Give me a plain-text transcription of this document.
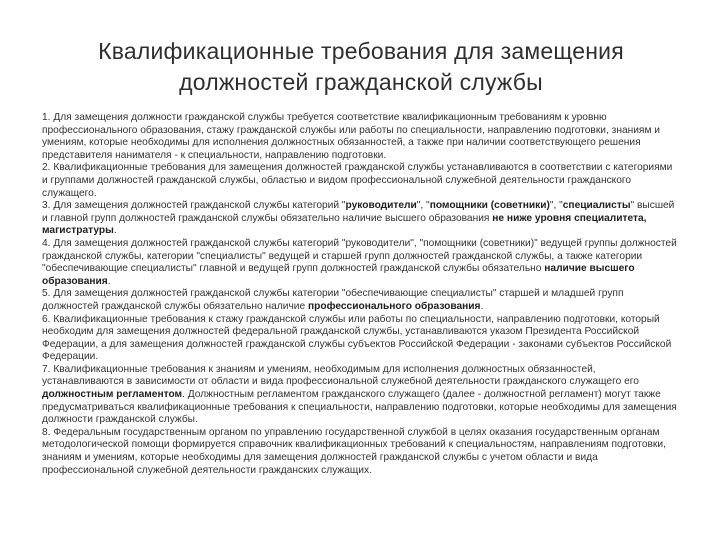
Квалификационные требования для замещения
должностей гражданской службы

1. Для замещения должности гражданской службы требуется соответствие квалификационным требованиям к уровню профессионального образования, стажу гражданской службы или работы по специальности, направлению подготовки, знаниям и умениям, которые необходимы для исполнения должностных обязанностей, а также при наличии соответствующего решения представителя нанимателя - к специальности, направлению подготовки.

2. Квалификационные требования для замещения должностей гражданской службы устанавливаются в соответствии с категориями и группами должностей гражданской службы, областью и видом профессиональной служебной деятельности гражданского служащего.

3. Для замещения должностей гражданской службы категорий "руководители", "помощники (советники)", "специалисты" высшей и главной групп должностей гражданской службы обязательно наличие высшего образования не ниже уровня специалитета, магистратуры.

4. Для замещения должностей гражданской службы категорий "руководители", "помощники (советники)" ведущей группы должностей гражданской службы, категории "специалисты" ведущей и старшей групп должностей гражданской службы, а также категории "обеспечивающие специалисты" главной и ведущей групп должностей гражданской службы обязательно наличие высшего образования.

5. Для замещения должностей гражданской службы категории "обеспечивающие специалисты" старшей и младшей групп должностей гражданской службы обязательно наличие профессионального образования.

6. Квалификационные требования к стажу гражданской службы или работы по специальности, направлению подготовки, который необходим для замещения должностей федеральной гражданской службы, устанавливаются указом Президента Российской Федерации, а для замещения должностей гражданской службы субъектов Российской Федерации - законами субъектов Российской Федерации.

7. Квалификационные требования к знаниям и умениям, необходимым для исполнения должностных обязанностей, устанавливаются в зависимости от области и вида профессиональной служебной деятельности гражданского служащего его должностным регламентом. Должностным регламентом гражданского служащего (далее - должностной регламент) могут также предусматриваться квалификационные требования к специальности, направлению подготовки, которые необходимы для замещения должности гражданской службы.

8. Федеральным государственным органом по управлению государственной службой в целях оказания государственным органам методологической помощи формируется справочник квалификационных требований к специальностям, направлениям подготовки, знаниям и умениям, которые необходимы для замещения должностей гражданской службы с учетом области и вида профессиональной служебной деятельности гражданских служащих.
